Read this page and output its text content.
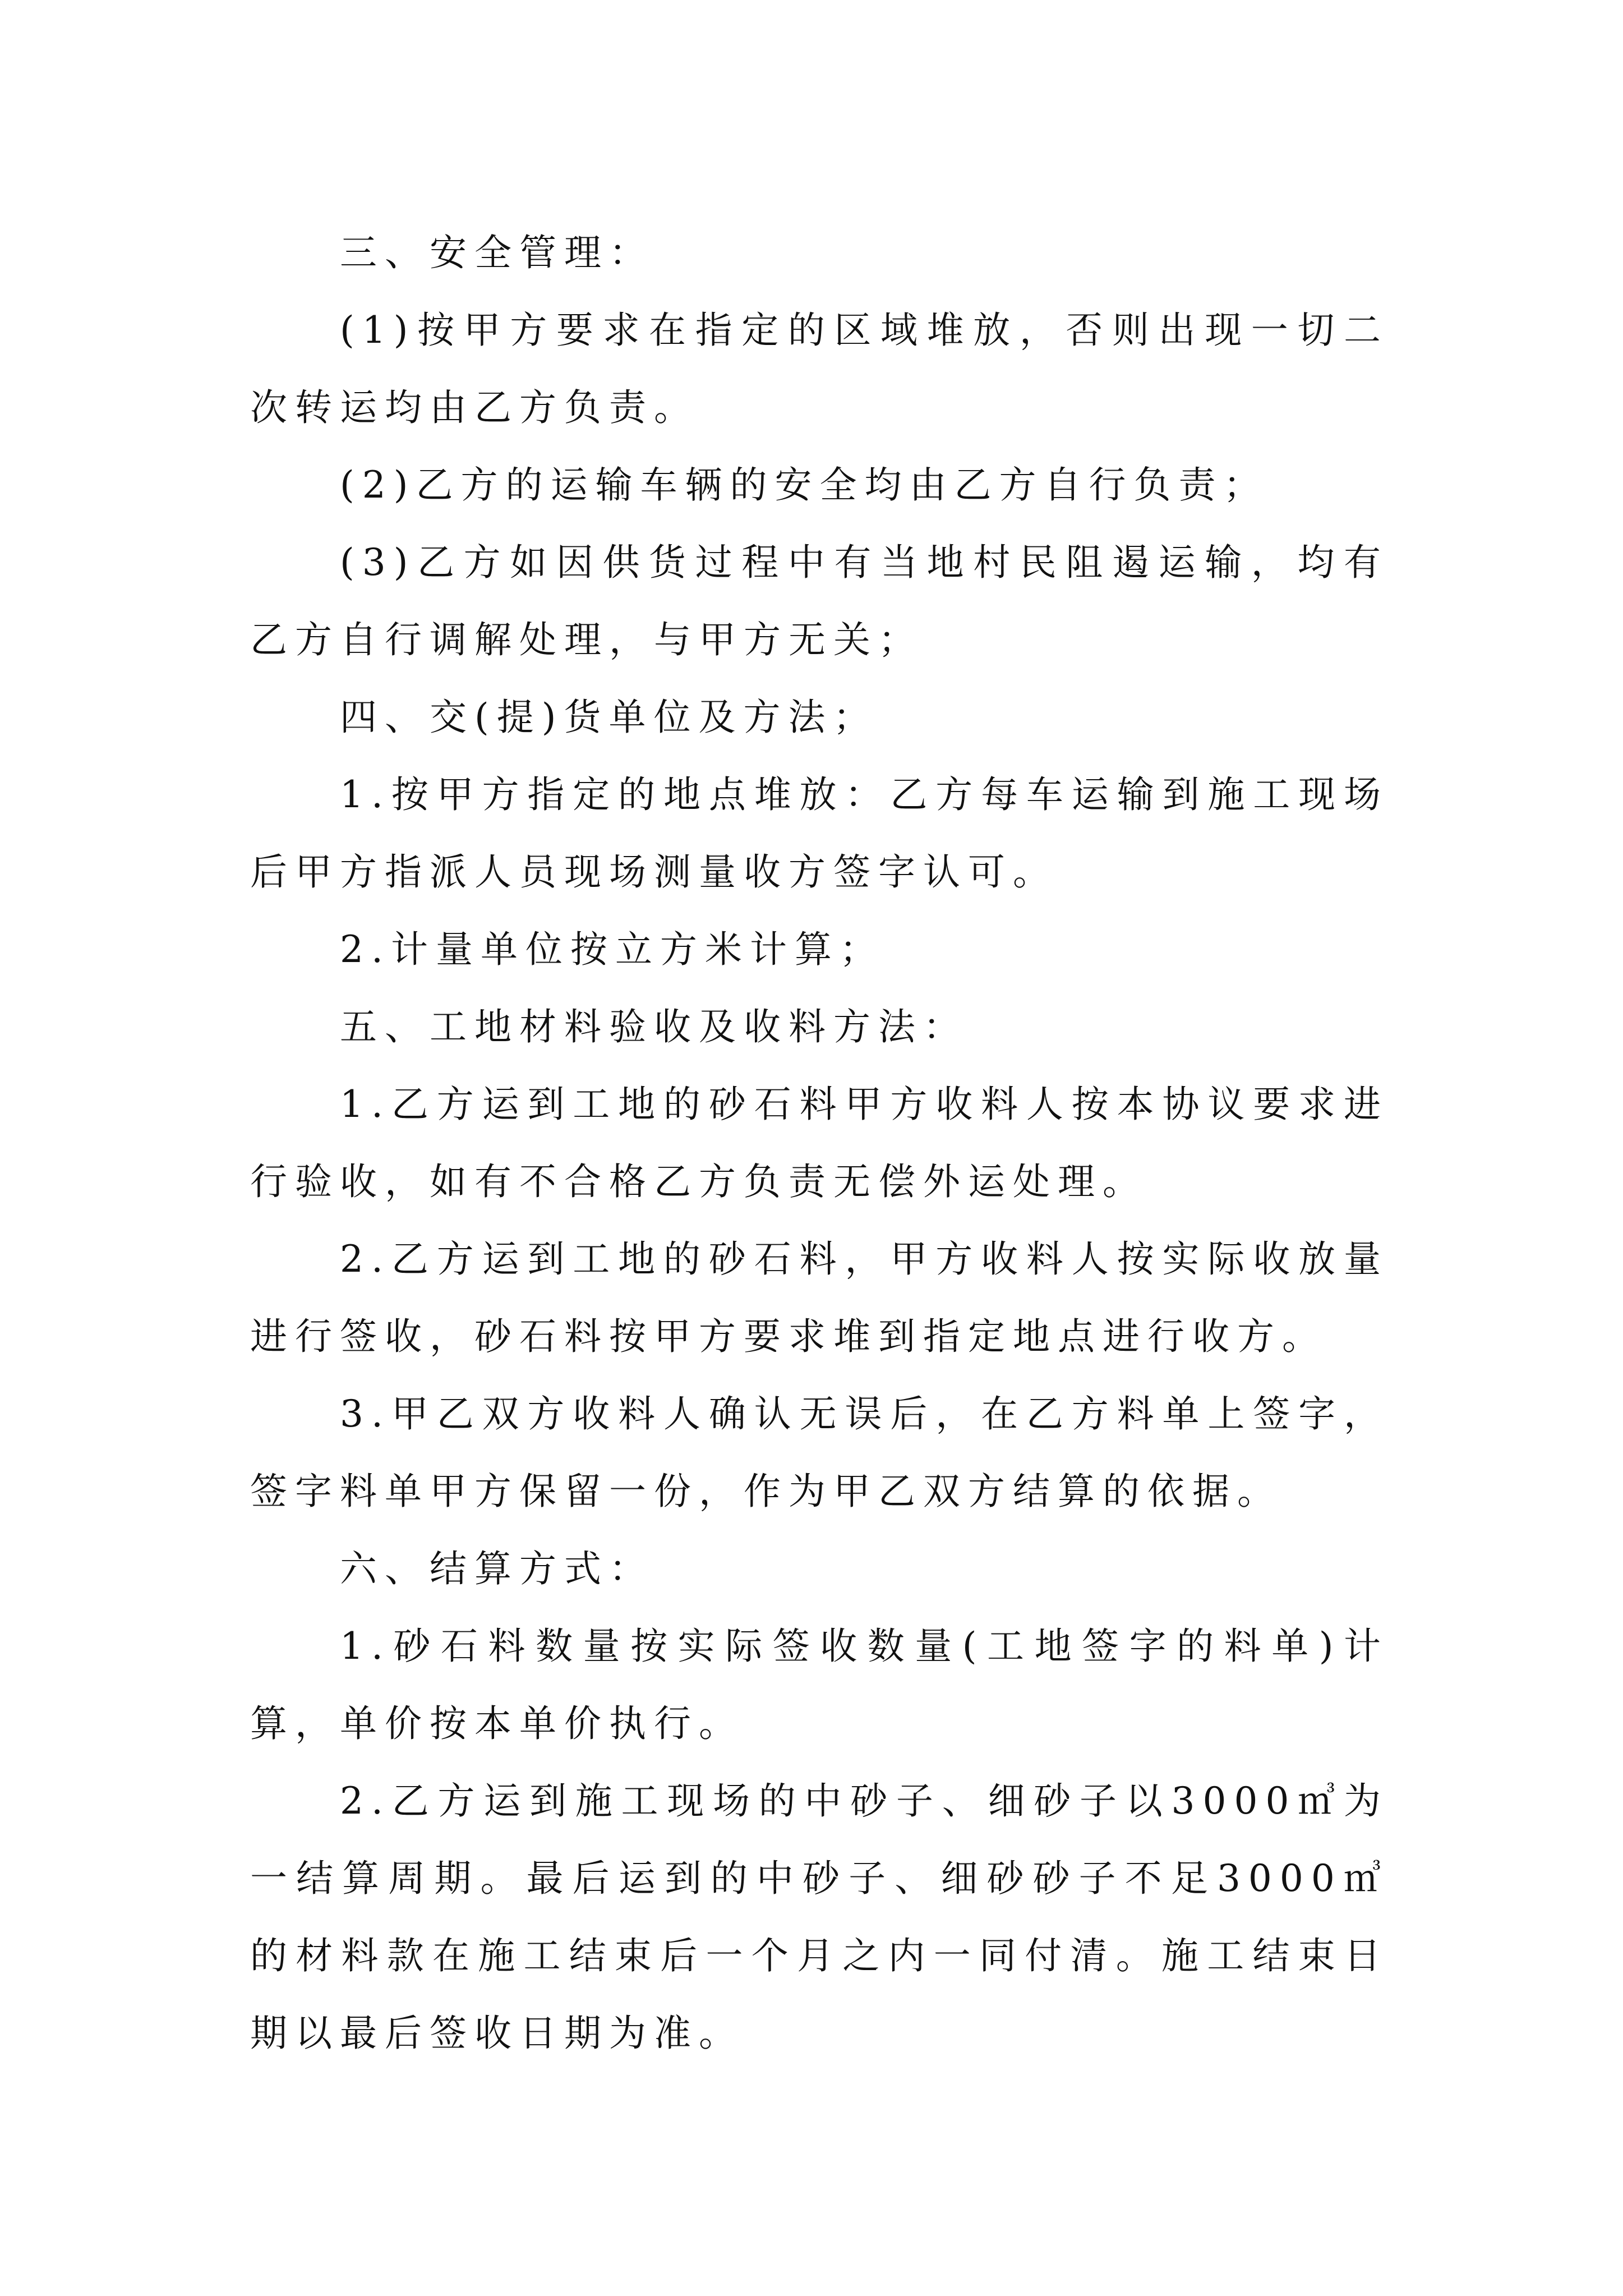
三、安全管理：

(1)按甲方要求在指定的区域堆放，否则出现一切二次转运均由乙方负责。

(2)乙方的运输车辆的安全均由乙方自行负责；

(3)乙方如因供货过程中有当地村民阻遏运输，均有乙方自行调解处理，与甲方无关；

四、交(提)货单位及方法；

1.按甲方指定的地点堆放：乙方每车运输到施工现场后甲方指派人员现场测量收方签字认可。

2.计量单位按立方米计算；

五、工地材料验收及收料方法：

1.乙方运到工地的砂石料甲方收料人按本协议要求进行验收，如有不合格乙方负责无偿外运处理。

2.乙方运到工地的砂石料，甲方收料人按实际收放量进行签收，砂石料按甲方要求堆到指定地点进行收方。

3.甲乙双方收料人确认无误后，在乙方料单上签字，签字料单甲方保留一份，作为甲乙双方结算的依据。

六、结算方式：

1.砂石料数量按实际签收数量(工地签字的料单)计算，单价按本单价执行。

2.乙方运到施工现场的中砂子、细砂子以3000㎥为一结算周期。最后运到的中砂子、细砂砂子不足3000㎥的材料款在施工结束后一个月之内一同付清。施工结束日期以最后签收日期为准。
